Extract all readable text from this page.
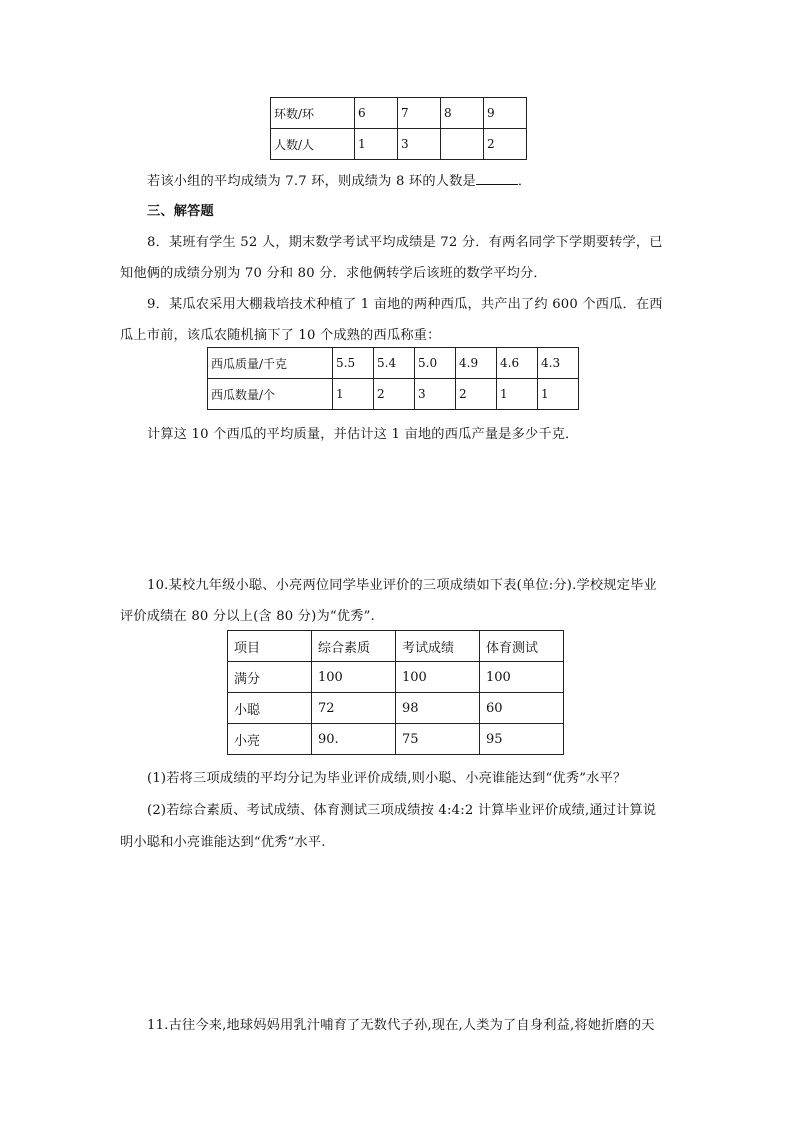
环数/环	6	7	8	9
人数/人	1	3		2
若该小组的平均成绩为 7.7 环，则成绩为 8 环的人数是	．
三、解答题
8．某班有学生 52 人，期末数学考试平均成绩是 72 分．有两名同学下学期要转学，已
知他俩的成绩分别为 70 分和 80 分．求他俩转学后该班的数学平均分．
9．某瓜农采用大棚栽培技术种植了 1 亩地的两种西瓜，共产出了约 600 个西瓜．在西
瓜上市前，该瓜农随机摘下了 10 个成熟的西瓜称重：
西瓜质量/千克	5.5	5.4	5.0	4.9	4.6	4.3
西瓜数量/个	1	2	3	2	1	1
计算这 10 个西瓜的平均质量，并估计这 1 亩地的西瓜产量是多少千克．
10.某校九年级小聪、小亮两位同学毕业评价的三项成绩如下表(单位:分).学校规定毕业
评价成绩在 80 分以上(含 80 分)为“优秀”.
项目	综合素质	考试成绩	体育测试
满分	100	100	100
小聪	72	98	60
小亮	90.	75	95
(1)若将三项成绩的平均分记为毕业评价成绩,则小聪、小亮谁能达到“优秀”水平？
(2)若综合素质、考试成绩、体育测试三项成绩按 4:4:2 计算毕业评价成绩,通过计算说
明小聪和小亮谁能达到“优秀”水平.
11.古往今来,地球妈妈用乳汁哺育了无数代子孙,现在,人类为了自身利益,将她折磨的天
